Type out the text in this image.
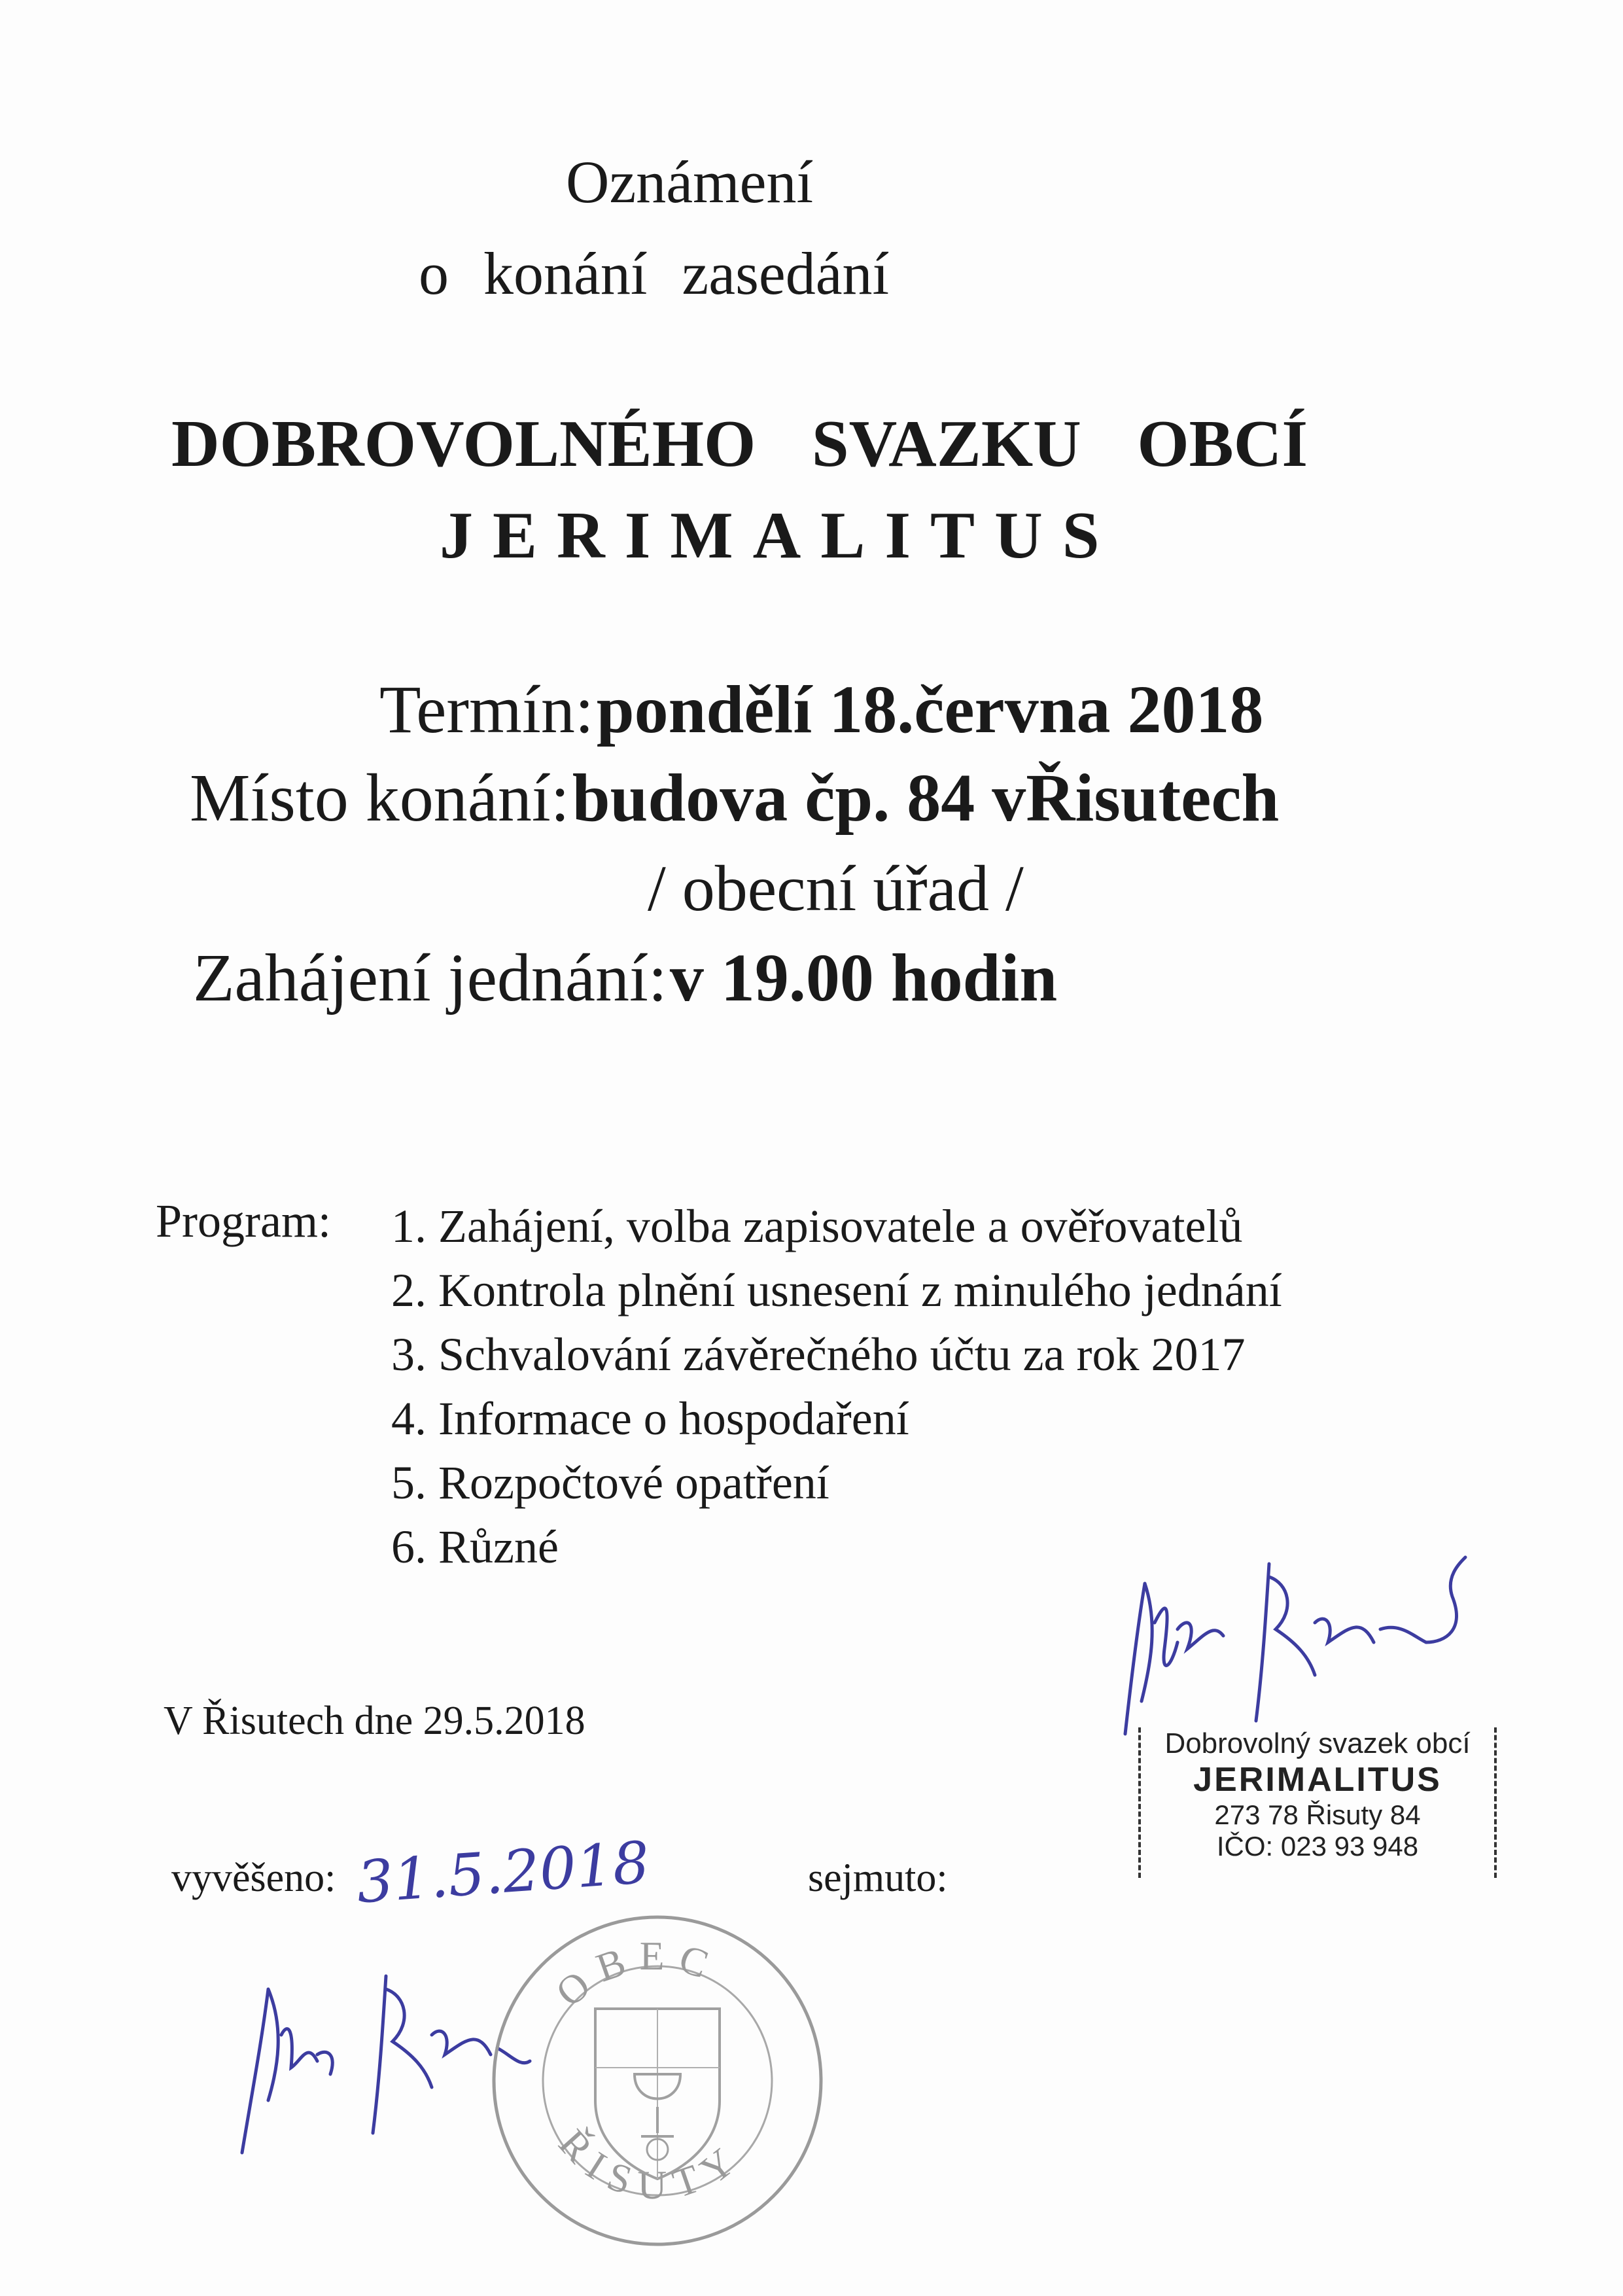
Oznámení
o konání zasedání
DOBROVOLNÉHO SVAZKU OBCÍ
JERIMALITUS
Termín: pondělí 18.června 2018
Místo konání: budova čp. 84 vŘisutech
/ obecní úřad /
Zahájení jednání: v 19.00 hodin
Program: 1. Zahájení, volba zapisovatele a ověřovatelů
2. Kontrola plnění usnesení z minulého jednání
3. Schvalování závěrečného účtu za rok 2017
4. Informace o hospodaření
5. Rozpočtové opatření
6. Různé
V Řisutech dne 29.5.2018
vyvěšeno: 31.5.2018	sejmuto:
Dobrovolný svazek obcí
JERIMALITUS
273 78 Řisuty 84
IČO: 023 93 948
OBEC
ŘISUTY
